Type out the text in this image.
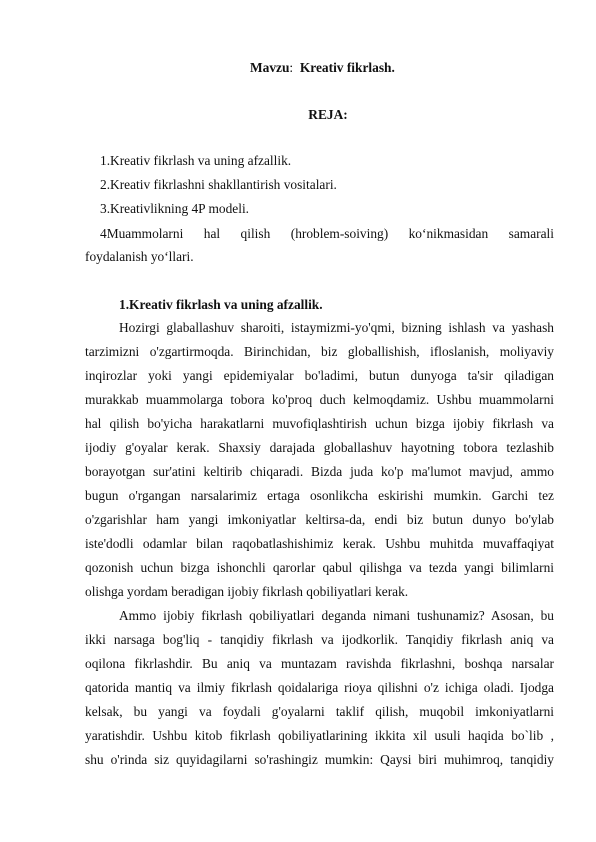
Mavzu: Kreativ fikrlash.
REJA:
1.Kreativ fikrlash va uning afzallik.
2.Kreativ fikrlashni shakllantirish vositalari.
3.Kreativlikning 4P modeli.
4Muammolarni hal qilish (hroblem-soiving) ko‘nikmasidan samarali
foydalanish yo‘llari.
1.Kreativ fikrlash va uning afzallik.
Hozirgi glaballashuv sharoiti, istaymizmi-yo'qmi, bizning ishlash va yashash
tarzimizni o'zgartirmoqda. Birinchidan, biz globallishish, ifloslanish, moliyaviy
inqirozlar yoki yangi epidemiyalar bo'ladimi, butun dunyoga ta'sir qiladigan
murakkab muammolarga tobora ko'proq duch kelmoqdamiz. Ushbu muammolarni
hal qilish bo'yicha harakatlarni muvofiqlashtirish uchun bizga ijobiy fikrlash va
ijodiy g'oyalar kerak. Shaxsiy darajada globallashuv hayotning tobora tezlashib
borayotgan sur'atini keltirib chiqaradi. Bizda juda ko'p ma'lumot mavjud, ammo
bugun o'rgangan narsalarimiz ertaga osonlikcha eskirishi mumkin. Garchi tez
o'zgarishlar ham yangi imkoniyatlar keltirsa-da, endi biz butun dunyo bo'ylab
iste'dodli odamlar bilan raqobatlashishimiz kerak. Ushbu muhitda muvaffaqiyat
qozonish uchun bizga ishonchli qarorlar qabul qilishga va tezda yangi bilimlarni
olishga yordam beradigan ijobiy fikrlash qobiliyatlari kerak.
Ammo ijobiy fikrlash qobiliyatlari deganda nimani tushunamiz? Asosan, bu
ikki narsaga bog'liq - tanqidiy fikrlash va ijodkorlik. Tanqidiy fikrlash aniq va
oqilona fikrlashdir. Bu aniq va muntazam ravishda fikrlashni, boshqa narsalar
qatorida mantiq va ilmiy fikrlash qoidalariga rioya qilishni o'z ichiga oladi. Ijodga
kelsak, bu yangi va foydali g'oyalarni taklif qilish, muqobil imkoniyatlarni
yaratishdir. Ushbu kitob fikrlash qobiliyatlarining ikkita xil usuli haqida bo`lib ,
shu o'rinda siz quyidagilarni so'rashingiz mumkin: Qaysi biri muhimroq, tanqidiy
